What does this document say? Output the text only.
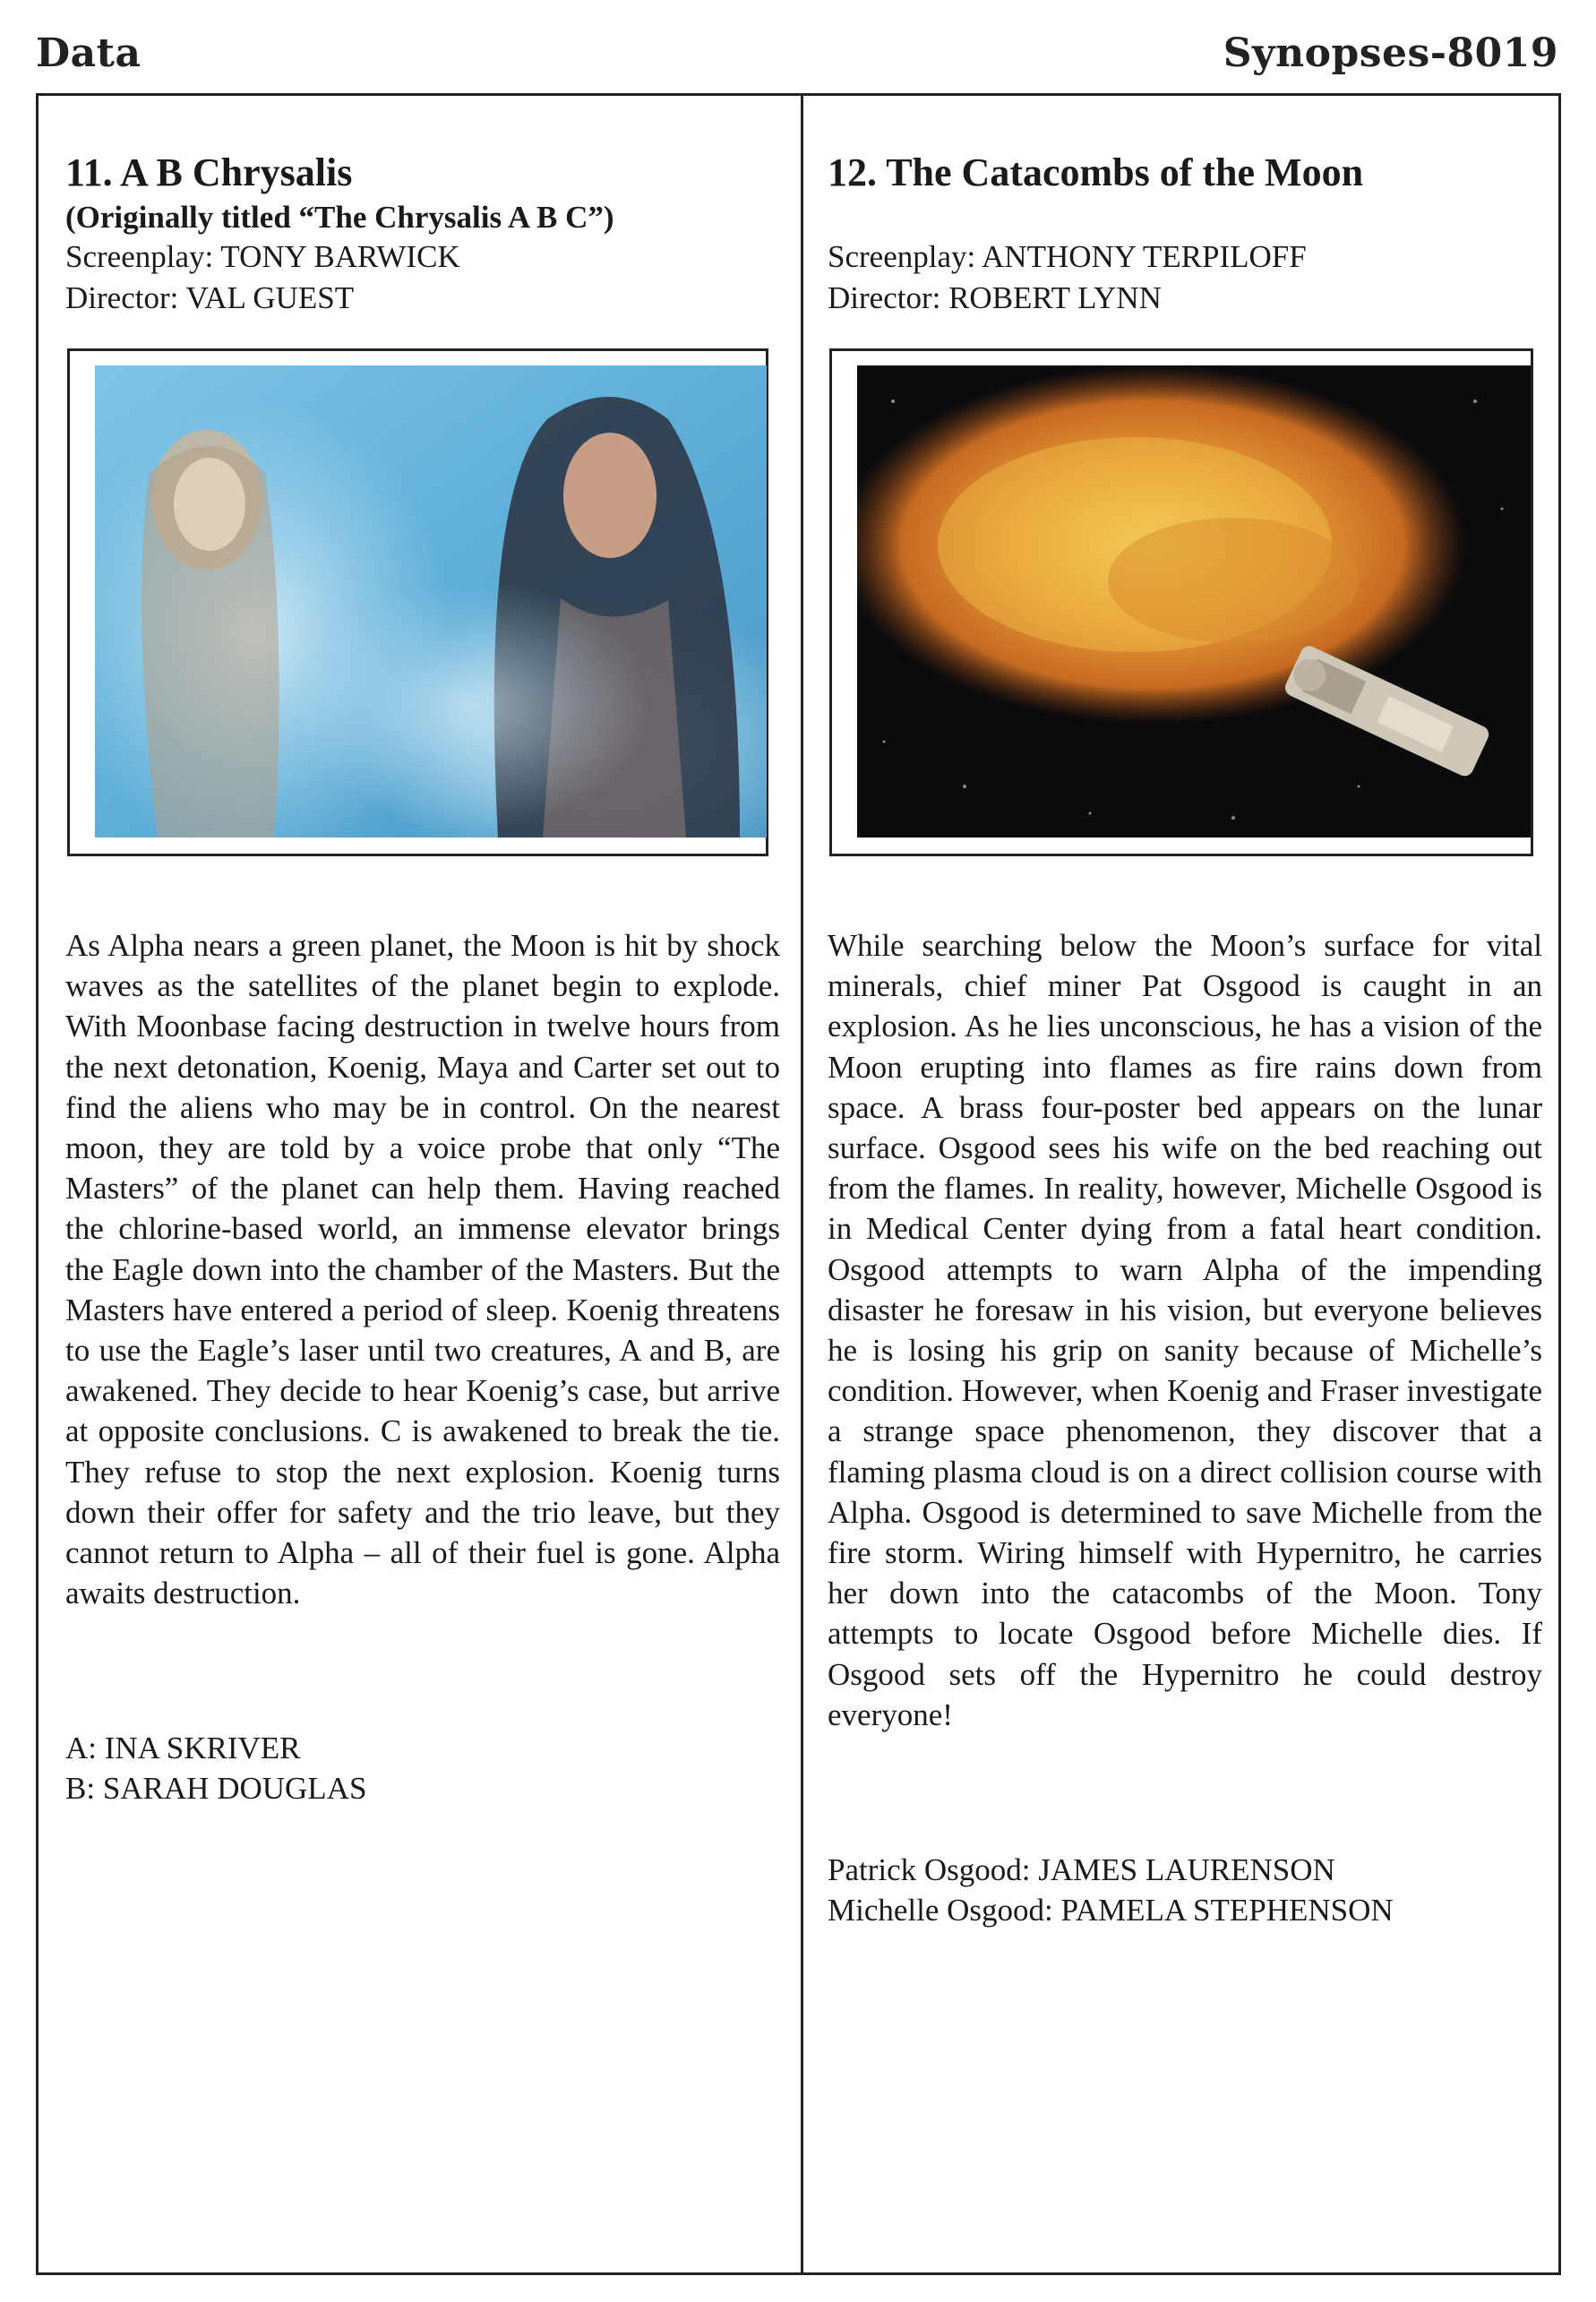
Data	Synopses-8019
11. A B Chrysalis
(Originally titled “The Chrysalis A B C”)
Screenplay: TONY BARWICK
Director: VAL GUEST
As Alpha nears a green planet, the Moon is hit by shock waves as the satellites of the planet begin to explode. With Moonbase facing destruction in twelve hours from the next detonation, Koenig, Maya and Carter set out to find the aliens who may be in control. On the nearest moon, they are told by a voice probe that only “The Masters” of the planet can help them. Having reached the chlorine-based world, an immense elevator brings the Eagle down into the chamber of the Masters. But the Masters have entered a period of sleep. Koenig threatens to use the Eagle’s laser until two creatures, A and B, are awakened. They decide to hear Koenig’s case, but arrive at opposite conclusions. C is awakened to break the tie. They refuse to stop the next explosion. Koenig turns down their offer for safety and the trio leave, but they cannot return to Alpha – all of their fuel is gone. Alpha awaits destruction.
A: INA SKRIVER
B: SARAH DOUGLAS
12. The Catacombs of the Moon
Screenplay: ANTHONY TERPILOFF
Director: ROBERT LYNN
While searching below the Moon’s surface for vital minerals, chief miner Pat Osgood is caught in an explosion. As he lies unconscious, he has a vision of the Moon erupting into flames as fire rains down from space. A brass four-poster bed appears on the lunar surface. Osgood sees his wife on the bed reaching out from the flames. In reality, however, Michelle Osgood is in Medical Center dying from a fatal heart condition. Osgood attempts to warn Alpha of the impending disaster he foresaw in his vision, but everyone believes he is losing his grip on sanity because of Michelle’s condition. However, when Koenig and Fraser investigate a strange space phenomenon, they discover that a flaming plasma cloud is on a direct collision course with Alpha. Osgood is determined to save Michelle from the fire storm. Wiring himself with Hypernitro, he carries her down into the catacombs of the Moon. Tony attempts to locate Osgood before Michelle dies. If Osgood sets off the Hypernitro he could destroy everyone!
Patrick Osgood: JAMES LAURENSON
Michelle Osgood: PAMELA STEPHENSON
